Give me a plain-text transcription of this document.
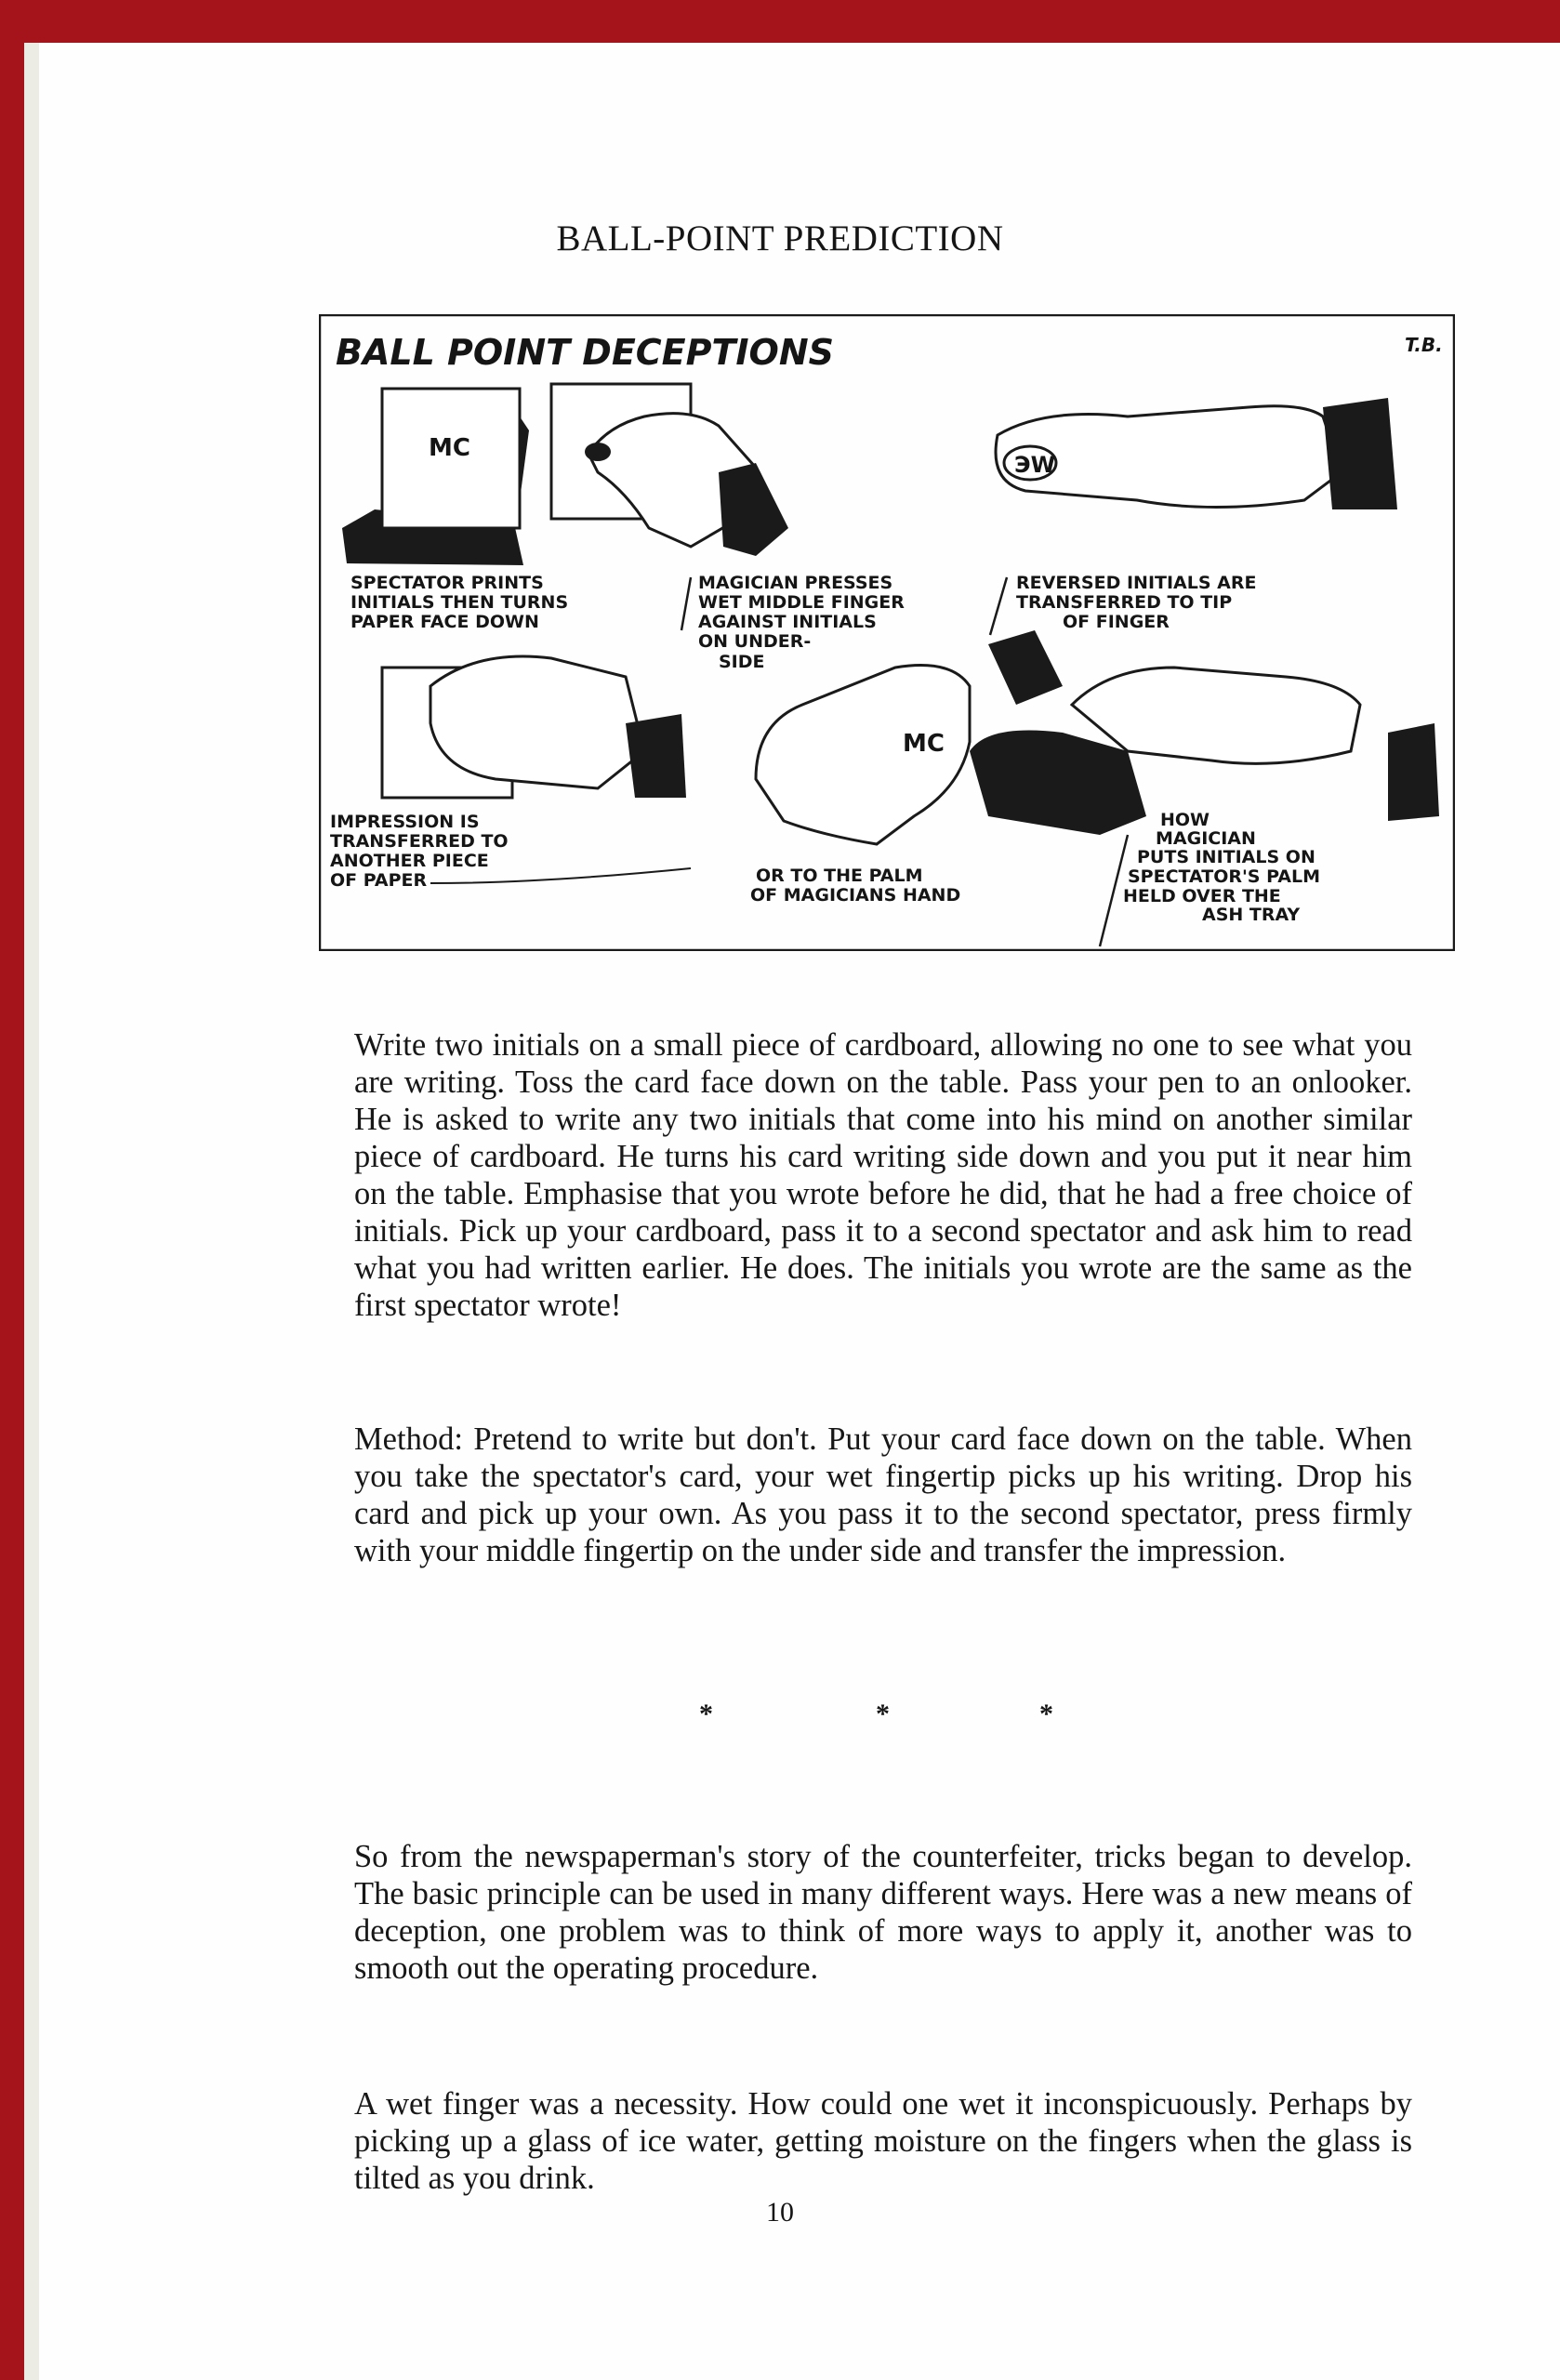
BALL-POINT PREDICTION
BALL POINT DECEPTIONS	T.B.
MC
SPECTATOR PRINTS INITIALS THEN TURNS PAPER FACE DOWN
MAGICIAN PRESSES WET MIDDLE FINGER AGAINST INITIALS ON UNDER- SIDE
ЭW
REVERSED INITIALS ARE TRANSFERRED TO TIP OF FINGER
IMPRESSION IS TRANSFERRED TO ANOTHER PIECE OF PAPER
MC
OR TO THE PALM OF MAGICIANS HAND
HOW MAGICIAN PUTS INITIALS ON SPECTATOR'S PALM HELD OVER THE ASH TRAY

Write two initials on a small piece of cardboard, allowing no one to see what you are writing. Toss the card face down on the table. Pass your pen to an onlooker. He is asked to write any two initials that come into his mind on another similar piece of cardboard. He turns his card writing side down and you put it near him on the table. Emphasise that you wrote before he did, that he had a free choice of initials. Pick up your cardboard, pass it to a second spectator and ask him to read what you had written earlier. He does. The initials you wrote are the same as the first spectator wrote!

Method: Pretend to write but don't. Put your card face down on the table. When you take the spectator's card, your wet fingertip picks up his writing. Drop his card and pick up your own. As you pass it to the second spectator, press firmly with your middle fingertip on the under side and transfer the impression.

*	*	*

So from the newspaperman's story of the counterfeiter, tricks began to develop. The basic principle can be used in many different ways. Here was a new means of deception, one problem was to think of more ways to apply it, another was to smooth out the operating procedure.

A wet finger was a necessity. How could one wet it inconspicuously. Perhaps by picking up a glass of ice water, getting moisture on the fingers when the glass is tilted as you drink.

10
